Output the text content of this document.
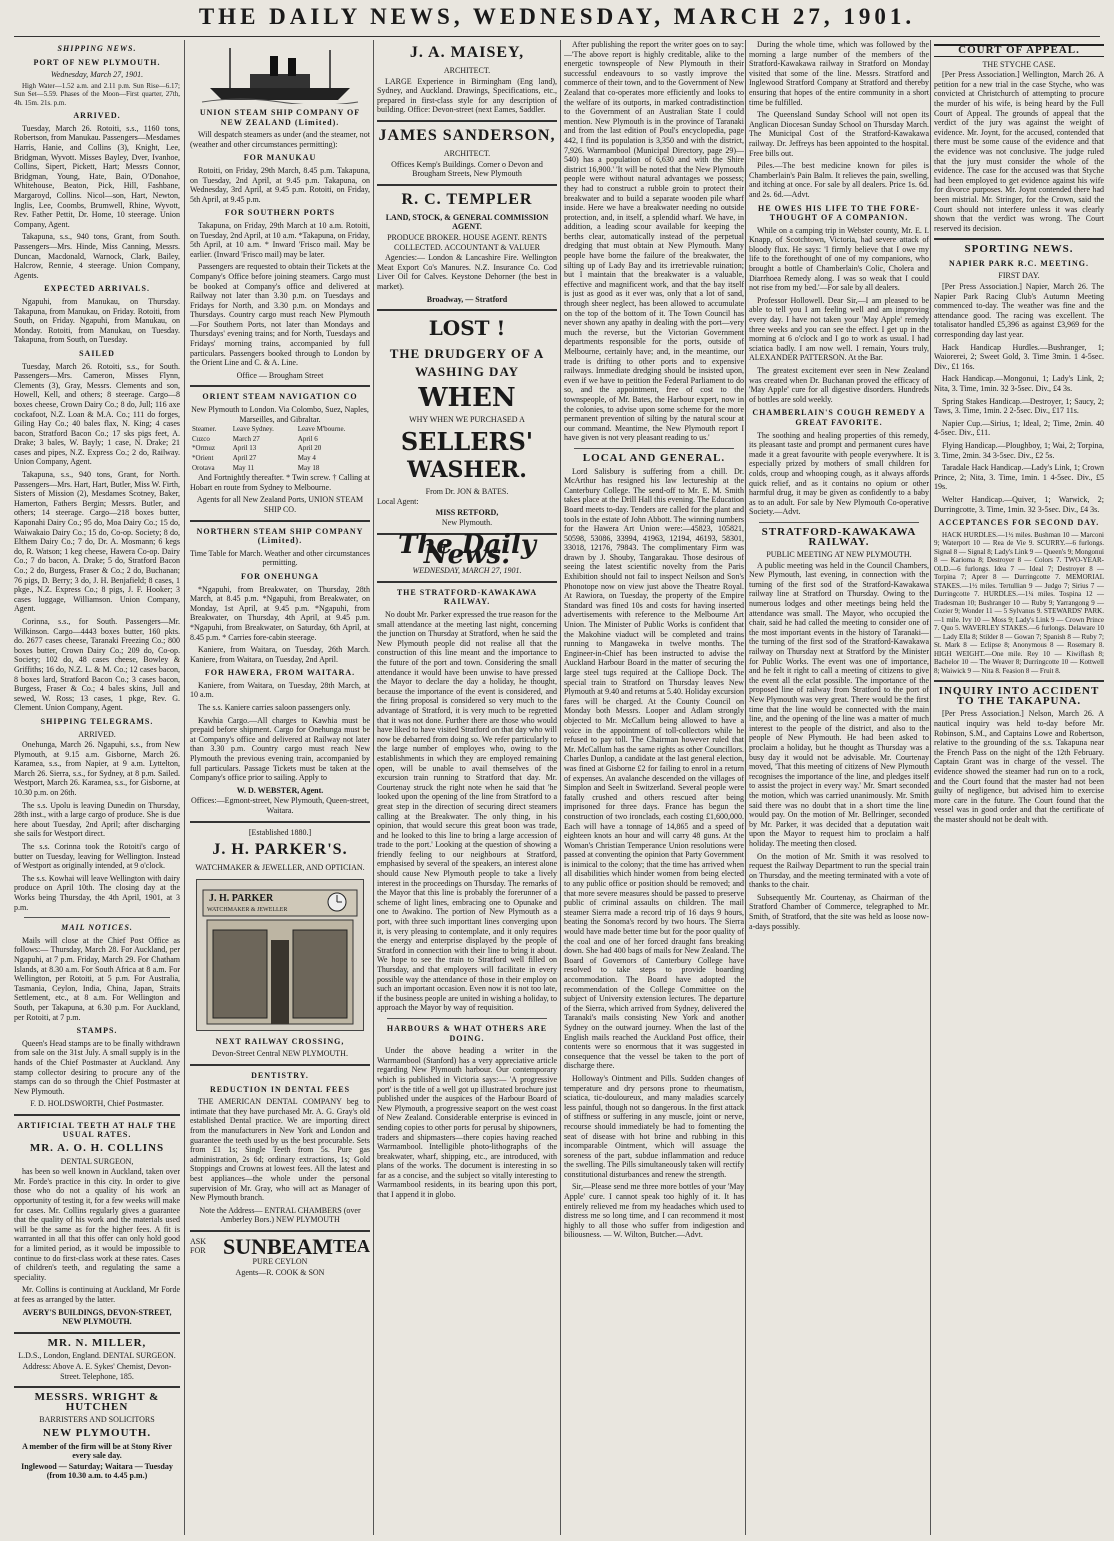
THE DAILY NEWS, WEDNESDAY, MARCH 27, 1901.
SHIPPING NEWS.
PORT OF NEW PLYMOUTH.
Wednesday, March 27, 1901.

High Water—1.52 a.m. and 2.11 p.m. Sun Rise—6.17; Sun Set—5.59. Phases of the Moon—First quarter, 27th, 4h. 15m. 21s. p.m.

ARRIVED.

Tuesday, March 26. Rotoiti, s.s., 1160 tons, Robertson, from Manukau. Passengers—Mesdames Harris, Hanie, and Collins (3), Knight, Lee, Bridgman, Wyvott. Misses Bayley, Dver, Ivanhoe, Collins, Sipert, Pickett, Hart; Messrs Connor, Bridgman, Young, Hate, Bain, O'Donahoe, Whitehouse, Beaton, Pick, Hill, Fashbane, Margaroyd, Collins. Nicol—son, Hart, Newton, Inglis, Lee, Coombs, Brumwell, Rhine, Wyvott, Rev. Father Pettit, Dr. Home, 10 steerage. Union Company, Agent.

Takapuna, s.s., 940 tons, Grant, from South. Passengers—Mrs. Hinde, Miss Canning, Messrs. Duncan, Macdonald, Warnock, Clark, Bailey, Halcrow, Rennie, 4 steerage. Union Company, Agents.

EXPECTED ARRIVALS.

Ngapuhi, from Manukau, on Thursday. Takapuna, from Manukau, on Friday. Rotoiti, from South, on Friday. Ngapuhi, from Manukau, on Monday. Rotoiti, from Manukau, on Tuesday. Takapuna, from South, on Tuesday.

SAILED

Tuesday, March 26. Rotoiti, s.s., for South. Passengers—Mrs. Cameron, Misses Flynn, Clements (3), Gray, Messrs. Clements and son, Howell, Kell, and others; 8 steerage. Cargo—8 boxes cheese, Crown Dairy Co.; 8 do, Jull; 116 axe cockafoot, N.Z. Loan & M.A. Co.; 111 do forges, Giling Hay Co.; 40 bales flax, N. King; 4 cases bacon, Stratford Bacon Co.; 17 sks pigs feet, A. Drake; 3 bales, W. Bayly; 1 case, N. Drake; 21 cases and pipes, N.Z. Express Co.; 2 do, Railway. Union Company, Agent.

Takapuna, s.s., 940 tons, Grant, for North. Passengers—Mrs. Hart, Hart, Butler, Miss W. Firth, Sisters of Mission (2), Mesdames Scotney, Baker, Hamerton, Fathers Bergin; Messrs. Butler, and others; 14 steerage. Cargo—218 boxes butter, Kaponahi Dairy Co.; 95 do, Moa Dairy Co.; 15 do, Waiwakaio Dairy Co.; 15 do, Co-op. Society; 8 do, Elthem Dairy Co.; 7 do, Dr. A. Mosmann; 6 kegs do, R. Watson; 1 keg cheese, Hawera Co-op. Dairy Co.; 7 do bacon, A. Drake; 5 do, Stratford Bacon Co.; 2 do, Burgess, Fraser & Co.; 2 do, Buchanan; 76 pigs, D. Berry; 3 do, J. H. Benjafield; 8 cases, 1 pkge., N.Z. Express Co.; 8 pigs, J. F. Hooker; 3 cases luggage, Williamson. Union Company, Agent.

Corinna, s.s., for South. Passengers—Mr. Wilkinson. Cargo—4443 boxes butter, 160 pkts. do. 2677 cases cheese, Taranaki Freezing Co.; 800 boxes butter, Crown Dairy Co.; 209 do, Co-op. Society; 102 do, 48 cases cheese, Bowley & Griffiths; 16 do, N.Z. L. & M. Co.; 12 cases bacon, 8 boxes lard, Stratford Bacon Co.; 3 cases bacon, Burgess, Fraser & Co.; 4 bales skins, Jull and sewed, W. Ross; 13 cases, 1 pkge, Rev. G. Clement. Union Company, Agent.

SHIPPING TELEGRAMS.
ARRIVED.

Onehunga, March 26. Ngapuhi, s.s., from New Plymouth, at 9.15 a.m. Gisborne, March 26. Karamea, s.s., from Napier, at 9 a.m. Lyttelton, March 26. Sierra, s.s., for Sydney, at 8 p.m. Sailed. Westport, March 26. Karamea, s.s., for Gisborne, at 10.30 p.m. on 26th.

The s.s. Upolu is leaving Dunedin on Thursday, 28th inst., with a large cargo of produce. She is due here about Tuesday, 2nd April; after discharging she sails for Westport direct.

The s.s. Corinna took the Rotoiti's cargo of butter on Tuesday, leaving for Wellington. Instead of Westport as originally intended, at 9 o'clock.

The s.s. Kowhai will leave Wellington with dairy produce on April 10th. The closing day at the Works being Thursday, the 4th April, 1901, at 3 p.m.

MAIL NOTICES.

Mails will close at the Chief Post Office as follows:— Thursday, March 28. For Auckland, per Ngapuhi, at 7 p.m. Friday, March 29. For Chatham Islands, at 8.30 a.m. For South Africa at 8 a.m. For Wellington, per Rotoiti, at 5 p.m. For Australia, Tasmania, Ceylon, India, China, Japan, Straits Settlement, etc., at 8 a.m. For Wellington and South, per Takapuna, at 6.30 p.m. For Auckland, per Rotoiti, at 7 p.m.

STAMPS.

Queen's Head stamps are to be finally withdrawn from sale on the 31st July. A small supply is in the hands of the Chief Postmaster at Auckland. Any stamp collector desiring to procure any of the stamps can do so through the Chief Postmaster at New Plymouth.

F. D. HOLDSWORTH, Chief Postmaster.
ARTIFICIAL TEETH AT HALF THE USUAL RATES.
MR. A. O. H. COLLINS
DENTAL SURGEON,

has been so well known in Auckland, taken over Mr. Forde's practice in this city. In order to give those who do not a quality of his work an opportunity of testing it, for a few weeks will make for cases. Mr. Collins regularly gives a guarantee that the quality of his work and the materials used will be the same as for the higher fees. A fit is warranted in all that this offer can only hold good for a limited period, as it would be impossible to continue to do first-class work at these rates. Cases of children's teeth, and regulating the same a speciality.

Mr. Collins is continuing at Auckland, Mr Forde at fees as arranged by the latter.

AVERY'S BUILDINGS, DEVON-STREET, NEW PLYMOUTH.
MR. N. MILLER,
L.D.S., London, England. DENTAL SURGEON.
Address: Above A. E. Sykes' Chemist, Devon-Street. Telephone, 185.
MESSRS. WRIGHT & HUTCHEN
BARRISTERS AND SOLICITORS
NEW PLYMOUTH.
A member of the firm will be at Stony River every sale day.
Inglewood — Saturday; Waitara — Tuesday (from 10.30 a.m. to 4.45 p.m.)
UNION STEAM SHIP COMPANY OF NEW ZEALAND (Limited).

Will despatch steamers as under (and the steamer, not (weather and other circumstances permitting):

FOR MANUKAU

Rotoiti, on Friday, 29th March, 8.45 p.m. Takapuna, on Tuesday, 2nd April, at 9.45 p.m. Takapuna, on Wednesday, 3rd April, at 9.45 p.m. Rotoiti, on Friday, 5th April, at 9.45 p.m.

FOR SOUTHERN PORTS

Takapuna, on Friday, 29th March at 10 a.m. Rotoiti, on Tuesday, 2nd April, at 10 a.m. *Takapuna, on Friday, 5th April, at 10 a.m. * Inward 'Frisco mail. May be earlier. (Inward 'Frisco mail) may be later.

Passengers are requested to obtain their Tickets at the Company's Office before joining steamers. Cargo must be booked at Company's office and delivered at Railway not later than 3.30 p.m. on Tuesdays and Fridays for North, and 3.30 p.m. on Mondays and Thursdays. Country cargo must reach New Plymouth —For Southern Ports, not later than Mondays and Thursdays' evening trains; and for North, Tuesdays and Fridays' morning trains, accompanied by full particulars. Passengers booked through to London by the Orient Line and C. & A. Line.

Office — Brougham Street
ORIENT STEAM NAVIGATION CO
New Plymouth to London. Via Colombo, Suez, Naples, Marseilles, and Gibraltar.
Steamer.	Leave Sydney.	Leave M'bourne.
Cuzco	March 27	April 6
*Ormuz	April 13	April 20
*Orient	April 27	May 4
Orotava	May 11	May 18

And Fortnightly thereafter. * Twin screw. † Calling at Hobart en route from Sydney to Melbourne.

Agents for all New Zealand Ports, UNION STEAM SHIP CO.
NORTHERN STEAM SHIP COMPANY (Limited).
Time Table for March. Weather and other circumstances permitting.
FOR ONEHUNGA

*Ngapuhi, from Breakwater, on Thursday, 28th March, at 8.45 p.m. *Ngapuhi, from Breakwater, on Monday, 1st April, at 9.45 p.m. *Ngapuhi, from Breakwater, on Thursday, 4th April, at 9.45 p.m. *Ngapuhi, from Breakwater, on Saturday, 6th April, at 8.45 p.m. * Carries fore-cabin steerage.

Kaniere, from Waitara, on Tuesday, 26th March. Kaniere, from Waitara, on Tuesday, 2nd April.

FOR HAWERA, FROM WAITARA.

Kaniere, from Waitara, on Tuesday, 28th March, at 10 a.m.

The s.s. Kaniere carries saloon passengers only.

Kawhia Cargo.—All charges to Kawhia must be prepaid before shipment. Cargo for Onehunga must be at Company's office and delivered at Railway not later than 3.30 p.m. Country cargo must reach New Plymouth the previous evening train, accompanied by full particulars. Passage Tickets must be taken at the Company's office prior to sailing. Apply to

W. D. WEBSTER, Agent.
Offices:—Egmont-street, New Plymouth, Queen-street, Waitara.
[Established 1880.]
J. H. PARKER'S.
WATCHMAKER & JEWELLER, AND OPTICIAN.
J. H. PARKER
WATCHMAKER & JEWELLER
NEXT RAILWAY CROSSING,
Devon-Street Central NEW PLYMOUTH.
DENTISTRY.
REDUCTION IN DENTAL FEES

THE AMERICAN DENTAL COMPANY beg to intimate that they have purchased Mr. A. G. Gray's old established Dental practice. We are importing direct from the manufacturers in New York and London and guarantee the teeth used by us the best procurable. Sets from £1 1s; Single Teeth from 5s. Pure gas administration, 2s 6d; ordinary extractions, 1s; Gold Stoppings and Crowns at lowest fees. All the latest and best appliances—the whole under the personal supervision of Mr. Gray, who will act as Manager of New Plymouth branch.

Note the Address— ENTRAL CHAMBERS (over Amberley Bors.) NEW PLYMOUTH
ASK FOR SUNBEAM TEA
PURE CEYLON
Agents—R. COOK & SON
J. A. MAISEY,
ARCHITECT.

LARGE Experience in Birmingham (Eng land), Sydney, and Auckland. Drawings, Specifications, etc., prepared in first-class style for any description of building. Office: Devon-street (next Eames, Saddler.

JAMES SANDERSON,
ARCHITECT.
Offices Kemp's Buildings. Corner o Devon and Brougham Streets, New Plymouth
R. C. TEMPLER
LAND, STOCK, & GENERAL COMMISSION AGENT.
PRODUCE BROKER. HOUSE AGENT. RENTS COLLECTED. ACCOUNTANT & VALUER

Agencies:— London & Lancashire Fire. Wellington Meat Export Co's Manures. N.Z. Insurance Co. Cod Liver Oil for Calves. Keystone Dehorner (the best in market).

Broadway, — Stratford
LOST !
THE DRUDGERY OF A WASHING DAY
WHEN
WHY WHEN WE PURCHASED A
SELLERS'
WASHER.
From Dr. JON & BATES.
Local Agent:
MISS RETFORD,
New Plymouth.
The Daily News.
WEDNESDAY, MARCH 27, 1901.
THE STRATFORD-KAWAKAWA RAILWAY.

No doubt Mr. Parker expressed the true reason for the small attendance at the meeting last night, concerning the junction on Thursday at Stratford, when he said the New Plymouth people did not realise all that the construction of this line meant and the importance to the future of the port and town. Considering the small attendance it would have been unwise to have pressed the Mayor to declare the day a holiday, he thought, because the importance of the event is considered, and the firing proposal is considered so very much to the advantage of Stratford, it is very much to be regretted that it was not done. Further there are those who would have liked to have visited Stratford on that day who will now be debarred from doing so. We refer particularly to the large number of employes who, owing to the establishments in which they are employed remaining open, will be unable to avail themselves of the excursion train running to Stratford that day. Mr. Courtenay struck the right note when he said that 'he looked upon the opening of the line from Stratford to a great step in the direction of securing direct steamers calling at the Breakwater. The only thing, in his opinion, that would secure this great boon was trade, and he looked to this line to bring a large accession of trade to the port.' Looking at the question of showing a friendly feeling to our neighbours at Stratford, emphasised by several of the speakers, an interest alone should cause New Plymouth people to take a lively interest in the proceedings on Thursday. The remarks of the Mayor that this line is probably the forerunner of a scheme of light lines, embracing one to Opunake and one to Awakino. The portion of New Plymouth as a port, with three such importtant lines converging upon it, is very pleasing to contemplate, and it only requires the energy and enterprise displayed by the people of Stratford in connection with their line to bring it about. We hope to see the train to Stratford well filled on Thursday, and that employers will facilitate in every possible way the attendance of those in their employ on such an important occasion. Even now it is not too late, if the business people are united in wishing a holiday, to approach the Mayor by way of requisition.

HARBOURS & WHAT OTHERS ARE DOING.

Under the above heading a writer in the Warrnambool (Stanford) has a very appreciative article regarding New Plymouth harbour. Our contemporary which is published in Victoria says:— 'A progressive port' is the title of a well got up illustrated brochure just published under the auspices of the Harbour Board of New Plymouth, a progressive seaport on the west coast of New Zealand. Considerable enterprise is evinced in sending copies to other ports for perusal by shipowners, traders and shipmasters—there copies having reached Warrnambool. Intelligible photo-lithographs of the breakwater, wharf, shipping, etc., are introduced, with plans of the works. The document is interesting in so far as a concise, and the subject so vitally interesting to Warrnambool residents, in its bearing upon this port, that I append it in globo.

After publishing the report the writer goes on to say:—'The above report is highly creditable, alike to the energetic townspeople of New Plymouth in their successful endeavours to so vastly improve the commerce of their town, and to the Government of New Zealand that co-operates more efficiently and looks to the welfare of its outports, in marked contradistinction to the Government of an Australian State I could mention. New Plymouth is in the province of Taranaki and from the last edition of Poul's encyclopedia, page 442, I find its population is 3,350 and with the district, 7,926. Warrnambool (Municipal Directory, page 29)—540) has a population of 6,630 and with the Shire district 16,900.' 'It will be noted that the New Plymouth people were without natural advantages we possess; they had to construct a rubble groin to protect their breakwater and to build a separate wooden pile wharf inside. Here we have a breakwater needing no outside protection, and, in itself, a splendid wharf. We have, in addition, a leading scour available for keeping the berths clear, automatically instead of the perpetual dredging that must obtain at New Plymouth. Many people have borne the failure of the breakwater, the silting up of Lady Bay and its irretrievable ruination; but I maintain that the breakwater is a valuable, effective and magnificent work, and that the bay itself is just as good as it ever was, only that a lot of sand, through sheer neglect, has been allowed to accumulate on the top of the bottom of it. The Town Council has never shown any apathy in dealing with the port—very much the reverse, but the Victorian Government departments responsible for the ports, outside of Melbourne, certainly have; and, in the meantime, our trade is drifting to other ports and to expensive railways. Immediate dredging should be insisted upon, even if we have to petition the Federal Parliament to do so, and the appointment, free of cost to the townspeople, of Mr. Bates, the Harbour expert, now in the colonies, to advise upon some scheme for the more permanent prevention of silting by the natural scour at our command. Meantime, the New Plymouth report I have given is not very pleasant reading to us.'

LOCAL AND GENERAL.

Lord Salisbury is suffering from a chill. Dr. McArthur has resigned his law lectureship at the Canterbury College. The send-off to Mr. E. M. Smith takes place at the Drill Hall this evening. The Education Board meets to-day. Tenders are called for the plant and tools in the estate of John Abbott. The winning numbers for the Hawera Art Union were:—45823, 105821, 50598, 53086, 33994, 41963, 12194, 46193, 58301, 33018, 12176, 79843. The complimentary Firm was drawn by J. Shouby, Tangarakau. Those desirous of seeing the latest scientific novelty from the Paris Exhibition should not fail to inspect Neilson and Son's Phonotope now on view just above the Theatre Royal. At Rawiora, on Tuesday, the property of the Empire Standard was fined 10s and costs for having inserted advertisements with reference to the Melbourne Art Union. The Minister of Public Works is confident that the Makohine viaduct will be completed and trains running to Mangaweka in twelve months. The Engineer-in-Chief has been instructed to advise the Auckland Harbour Board in the matter of securing the large steel tugs required at the Calliope Dock. The special train to Stratford on Thursday leaves New Plymouth at 9.40 and returns at 5.40. Holiday excursion fares will be charged. At the County Council on Monday both Messrs. Looper and Adlam strongly objected to Mr. McCallum being allowed to have a voice in the appointment of toll-collectors while he refused to pay toll. The Chairman however ruled that Mr. McCallum has the same rights as other Councillors. Charles Dunlop, a candidate at the last general election, was fined at Gisborne £2 for failing to enrol in a return of expenses. An avalanche descended on the villages of Simplon and Seelt in Switzerland. Several people were fatally crushed and others rescued after being imprisoned for three days. France has begun the construction of two ironclads, each costing £1,600,000. Each will have a tonnage of 14,865 and a speed of eighteen knots an hour and will carry 48 guns. At the Woman's Christian Temperance Union resolutions were passed at conventing the opinion that Party Government is inimical to the colony; that the time has arrived when all disabilities which hinder women from being elected to any public office or position should be removed; and that more severe measures should be passed to preserve public of criminal assaults on children. The mail steamer Sierra made a record trip of 16 days 9 hours, beating the Sonoma's record by two hours. The Sierra would have made better time but for the poor quality of the coal and one of her forced draught fans breaking down. She had 400 bags of mails for New Zealand. The Board of Governors of Canterbury College have resolved to take steps to provide boarding accommodation. The Board have adopted the recommendation of the College Committee on the subject of University extension lectures. The departure of the Sierra, which arrived from Sydney, delivered the Taranaki's mails consisting New York and another Sydney on the outward journey. When the last of the English mails reached the Auckland Post office, their contents were so enormous that it was suggested in consequence that the vessel be taken to the port of discharge there.

Holloway's Ointment and Pills. Sudden changes of temperature and dry persons prone to rheumatism, sciatica, tic-douloureux, and many maladies scarcely less painful, though not so dangerous. In the first attack of stiffness or suffering in any muscle, joint or nerve, recourse should immediately be had to fomenting the seat of disease with hot brine and rubbing in this incomparable Ointment, which will assuage the soreness of the part, subdue inflammation and reduce the swelling. The Pills simultaneously taken will rectify constitutional disturbances and renew the strength.

Sir,—Please send me three more bottles of your 'May Apple' cure. I cannot speak too highly of it. It has entirely relieved me from my headaches which used to distress me so long time, and I can recommend it most highly to all those who suffer from indigestion and biliousness. — W. Wilton, Butcher.—Advt.

During the whole time, which was followed by the morning a large number of the members of the Stratford-Kawakawa railway in Stratford on Monday visited that some of the line. Messrs. Stratford and Inglewood Stratford Company at Stratford and thereby ensuring that hopes of the entire community in a short time be fulfilled.

The Queensland Sunday School will not open its Anglican Diocesan Sunday School on Thursday March. The Municipal Cost of the Stratford-Kawakawa railway. Dr. Jeffreys has been appointed to the hospital. Free bills out.

Piles.—The best medicine known for piles is Chamberlain's Pain Balm. It relieves the pain, swelling, and itching at once. For sale by all dealers. Price 1s. 6d. and 2s. 6d.—Advt.

HE OWES HIS LIFE TO THE FORE-THOUGHT OF A COMPANION.

While on a camping trip in Webster county, Mr. E. I. Knapp, of Scotchtown, Victoria, had severe attack of bloody flux. He says: 'I firmly believe that I owe my life to the forethought of one of my companions, who brought a bottle of Chamberlain's Colic, Cholera and Diarrhoea Remedy along. I was so weak that I could not rise from my bed.'—For sale by all dealers.

Professor Hollowell. Dear Sir,—I am pleased to be able to tell you I am feeling well and am improving every day. I have not taken your 'May Apple' remedy three weeks and you can see the effect. I get up in the morning at 6 o'clock and I go to work as usual. I had sciatica badly. I am now well. I remain, Yours truly, ALEXANDER PATTERSON. At the Bar.

The greatest excitement ever seen in New Zealand was created when Dr. Buchanan proved the efficacy of 'May Apple' cure for all digestive disorders. Hundreds of bottles are sold weekly.

CHAMBERLAIN'S COUGH REMEDY A GREAT FAVORITE.

The soothing and healing properties of this remedy, its pleasant taste and prompt and permanent cures have made it a great favourite with people everywhere. It is especially prized by mothers of small children for colds, croup and whooping cough, as it always affords quick relief, and as it contains no opium or other harmful drug, it may be given as confidently to a baby as to an adult. For sale by New Plymouth Co-operative Society.—Advt.

STRATFORD-KAWAKAWA RAILWAY.
PUBLIC MEETING AT NEW PLYMOUTH.

A public meeting was held in the Council Chambers, New Plymouth, last evening, in connection with the turning of the first sod of the Stratford-Kawakawa railway line at Stratford on Thursday. Owing to the numerous lodges and other meetings being held the attendance was small. The Mayor, who occupied the chair, said he had called the meeting to consider one of the most important events in the history of Taranaki—the turning of the first sod of the Stratford-Kawakawa railway on Thursday next at Stratford by the Minister for Public Works. The event was one of importance, and he felt it right to call a meeting of citizens to give the event all the eclat possible. The importance of the proposed line of railway from Stratford to the port of New Plymouth was very great. There would be the first time that the line would be connected with the main line, and the opening of the line was a matter of much interest to the people of the district, and also to the people of New Plymouth. He had been asked to proclaim a holiday, but he thought as Thursday was a busy day it would not be advisable. Mr. Courtenay moved, 'That this meeting of citizens of New Plymouth recognises the importance of the line, and pledges itself to assist the project in every way.' Mr. Smart seconded the motion, which was carried unanimously. Mr. Smith said there was no doubt that in a short time the line would pay. On the motion of Mr. Bellringer, seconded by Mr. Parker, it was decided that a deputation wait upon the Mayor to request him to proclaim a half holiday. The meeting then closed.

On the motion of Mr. Smith it was resolved to request the Railway Department to run the special train on Thursday, and the meeting terminated with a vote of thanks to the chair.

Subsequently Mr. Courtenay, as Chairman of the Stratford Chamber of Commerce, telegraphed to Mr. Smith, of Stratford, that the site was held as loose now-a-days possibly.

COURT OF APPEAL.
THE STYCHE CASE.

[Per Press Association.] Wellington, March 26. A petition for a new trial in the case Styche, who was convicted at Christchurch of attempting to procure the murder of his wife, is being heard by the Full Court of Appeal. The grounds of appeal that the verdict of the jury was against the weight of evidence. Mr. Joynt, for the accused, contended that there must be some cause of the evidence and that the evidence was not conclusive. The judge ruled that the jury must consider the whole of the evidence. The case for the accused was that Styche had been employed to get evidence against his wife for divorce purposes. Mr. Joynt contended there had been mistrial. Mr. Stringer, for the Crown, said the Court should not interfere unless it was clearly shown that the verdict was wrong. The Court reserved its decision.

SPORTING NEWS.
NAPIER PARK R.C. MEETING.
FIRST DAY.

[Per Press Association.] Napier, March 26. The Napier Park Racing Club's Autumn Meeting commenced to-day. The weather was fine and the attendance good. The racing was excellent. The totalisator handled £5,396 as against £3,969 for the corresponding day last year.

Hack Handicap Hurdles.—Bushranger, 1; Waiorerei, 2; Sweet Gold, 3. Time 3min. 1 4-5sec. Div., £1 16s.

Hack Handicap.—Mongonui, 1; Lady's Link, 2; Nita, 3. Time, 1min. 32 3-5sec. Div., £4 3s.

Spring Stakes Handicap.—Destroyer, 1; Saucy, 2; Taws, 3. Time, 1min. 2 2-5sec. Div., £17 11s.

Napier Cup.—Sirius, 1; Ideal, 2; Time, 2min. 40 4-5sec. Div., £11.

Flying Handicap.—Ploughboy, 1; Wai, 2; Torpina, 3. Time, 2min. 34 3-5sec. Div., £2 5s.

Taradale Hack Handicap.—Lady's Link, 1; Crown Prince, 2; Nita, 3. Time, 1min. 1 4-5sec. Div., £5 19s.

Welter Handicap.—Quiver, 1; Warwick, 2; Durringcotte, 3. Time, 1min. 32 3-5sec. Div., £4 3s.

ACCEPTANCES FOR SECOND DAY.

HACK HURDLES.—1½ miles. Bushman 10 — Marconi 9; Waterport 10 — Rea de Vie 9. SCURRY.—6 furlongs. Signal 8 — Signal 8; Lady's Link 9 — Queen's 9; Mongonui 8 — Karioma 8; Destroyer 8 — Colors 7. TWO-YEAR-OLD.—6 furlongs. Idea 7 — Ideal 7; Destroyer 8 — Torpina 7; Aprer 8 — Durringcotte 7. MEMORIAL STAKES.—1½ miles. Tertullian 9 — Judgo 7; Sirius 7 — Durringcotte 7. HURDLES.—1¼ miles. Tospina 12 — Tradesman 10; Bushranger 10 — Ruby 9; Yarrangong 9 — Cozier 9; Wonder 11 — 5 Sylvanus 9. STEWARDS' PARK.—1 mile. Ivy 10 — Moss 9; Lady's Link 9 — Crown Prince 7. Quo 5. WAVERLEY STAKES.—6 furlongs. Delaware 10 — Lady Ella 8; Stilder 8 — Gowan 7; Spanish 8 — Ruby 7; St. Mark 8 — Eclipse 8; Anonymous 8 — Rosemary 8. HIGH WEIGHT.—One mile. Rey 10 — Kiwiflash 8; Bachelor 10 — The Weaver 8; Durringcotte 10 — Kottwell 8; Waiwick 9 — Nita 8. Feasion 8 — Fruit 8.

INQUIRY INTO ACCIDENT TO THE TAKAPUNA.

[Per Press Association.] Nelson, March 26. A nautical inquiry was held to-day before Mr. Robinson, S.M., and Captains Lowe and Robertson, relative to the grounding of the s.s. Takapuna near the French Pass on the night of the 12th February. Captain Grant was in charge of the vessel. The evidence showed the steamer had run on to a rock, and the Court found that the master had not been guilty of negligence, but advised him to exercise more care in the future. The Court found that the vessel was in good order and that the certificate of the master should not be dealt with.
